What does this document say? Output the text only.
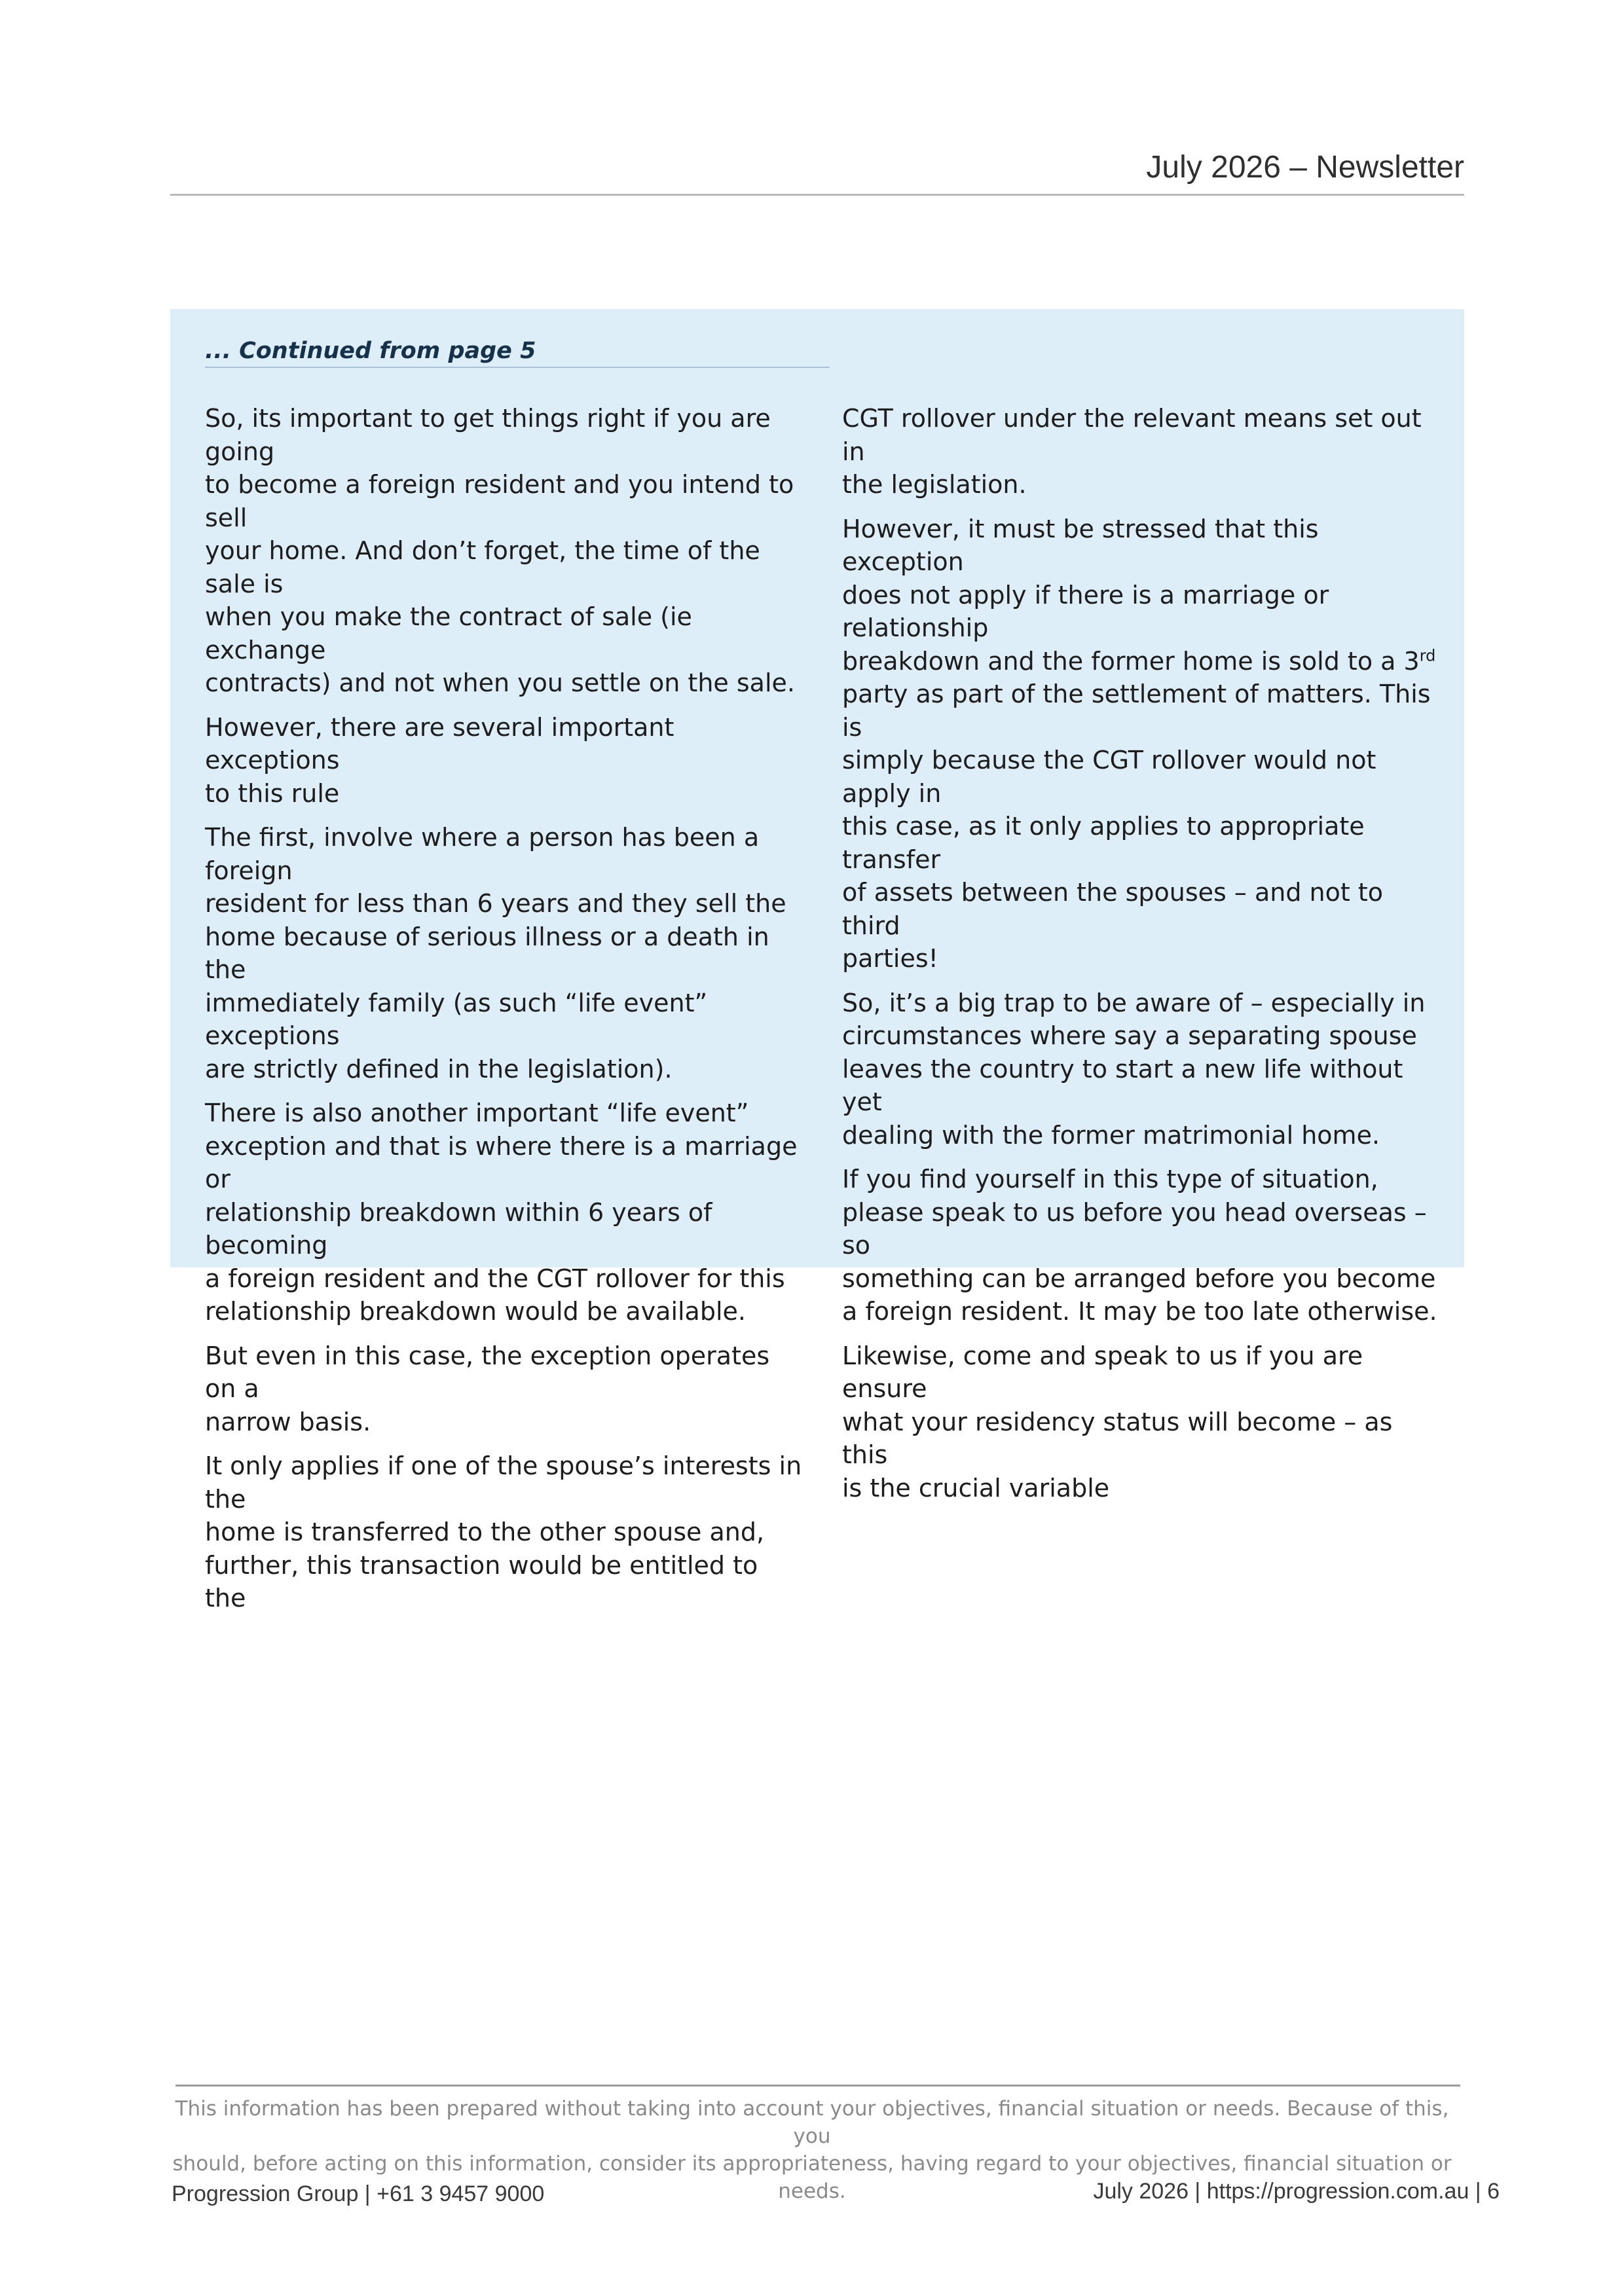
July 2026 – Newsletter
... Continued from page 5

So, its important to get things right if you are going
to become a foreign resident and you intend to sell
your home. And don’t forget, the time of the sale is
when you make the contract of sale (ie exchange
contracts) and not when you settle on the sale.

However, there are several important exceptions
to this rule

The first, involve where a person has been a foreign
resident for less than 6 years and they sell the
home because of serious illness or a death in the
immediately family (as such “life event” exceptions
are strictly defined in the legislation).

There is also another important “life event”
exception and that is where there is a marriage or
relationship breakdown within 6 years of becoming
a foreign resident and the CGT rollover for this
relationship breakdown would be available.

But even in this case, the exception operates on a
narrow basis.

It only applies if one of the spouse’s interests in the
home is transferred to the other spouse and,
further, this transaction would be entitled to the

CGT rollover under the relevant means set out in
the legislation.

However, it must be stressed that this exception
does not apply if there is a marriage or relationship
breakdown and the former home is sold to a 3rd
party as part of the settlement of matters. This is
simply because the CGT rollover would not apply in
this case, as it only applies to appropriate transfer
of assets between the spouses – and not to third
parties!

So, it’s a big trap to be aware of – especially in
circumstances where say a separating spouse
leaves the country to start a new life without yet
dealing with the former matrimonial home.

If you find yourself in this type of situation,
please speak to us before you head overseas – so
something can be arranged before you become
a foreign resident. It may be too late otherwise.

Likewise, come and speak to us if you are ensure
what your residency status will become – as this
is the crucial variable

This information has been prepared without taking into account your objectives, financial situation or needs. Because of this, you
should, before acting on this information, consider its appropriateness, having regard to your objectives, financial situation or needs.
Progression Group | +61 3 9457 9000	July 2026 | https://progression.com.au | 6
